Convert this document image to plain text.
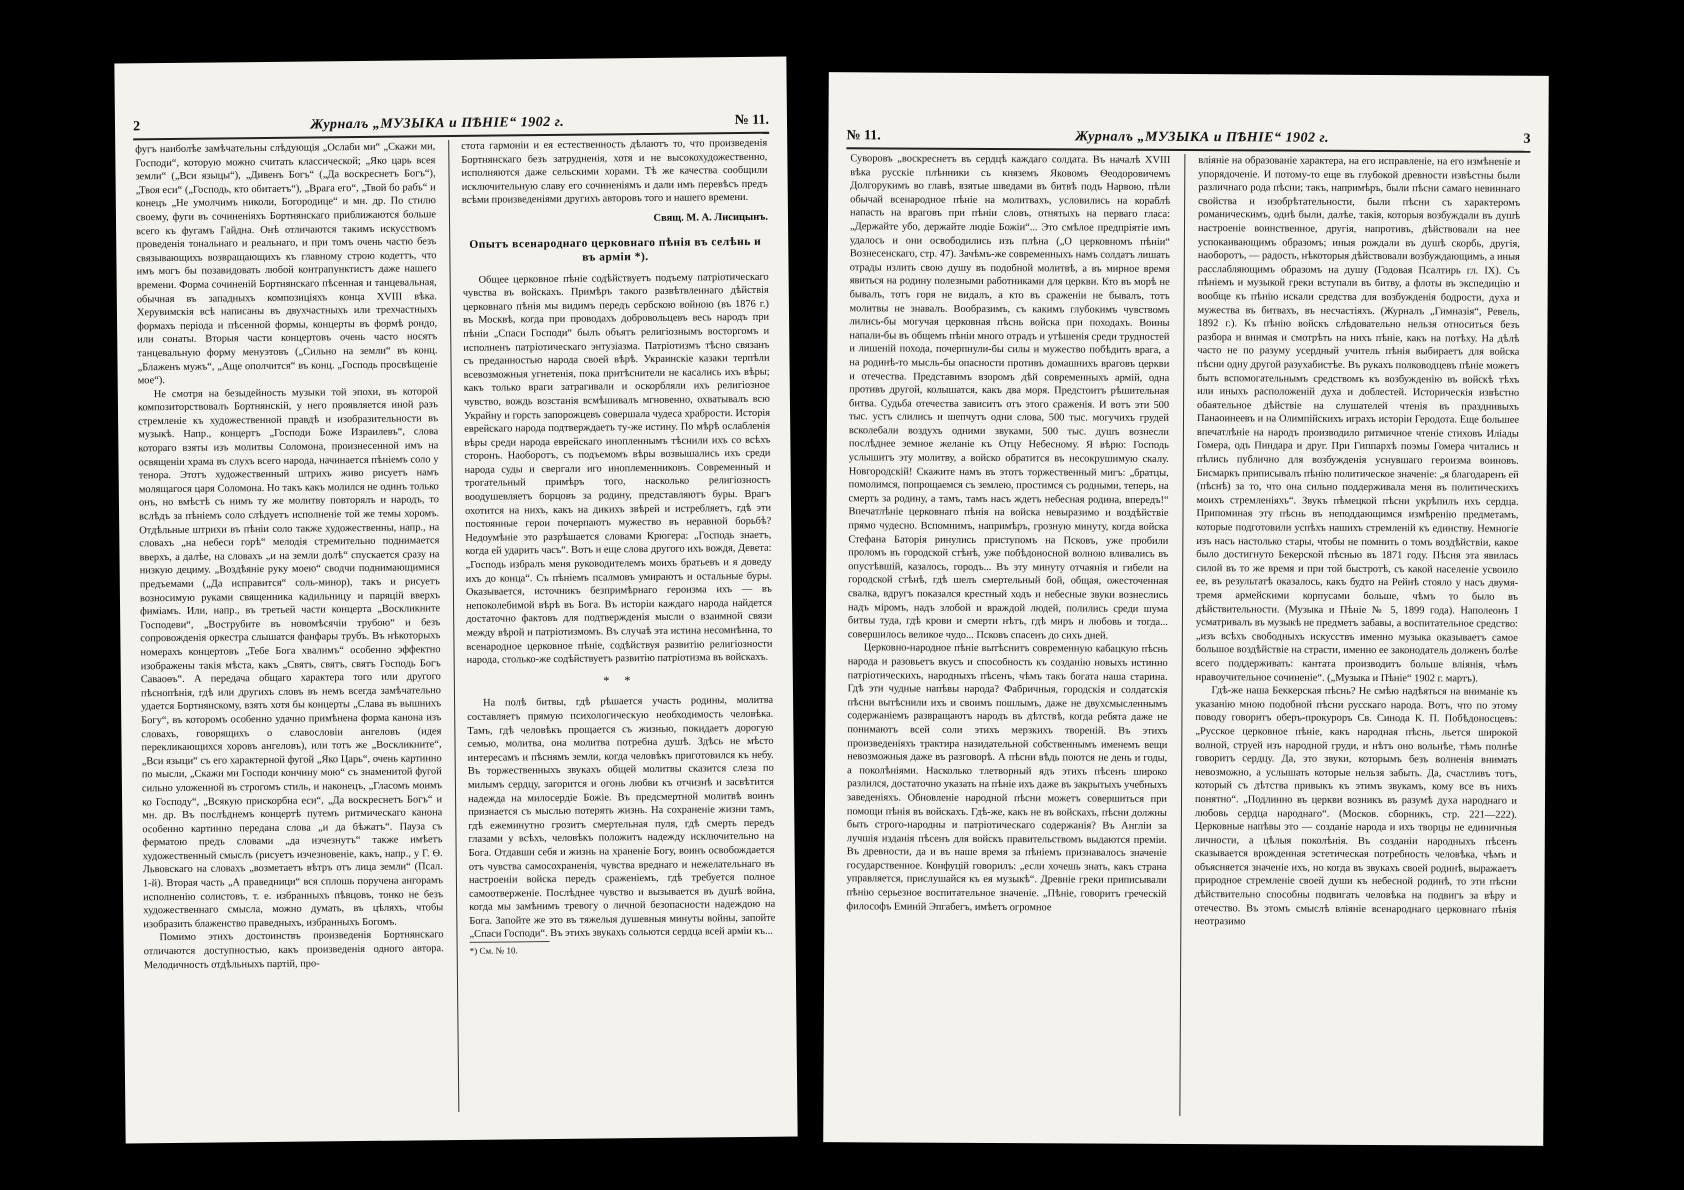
2	Журналъ „МУЗЫКА и ПѢНІЕ“ 1902 г.	№ 11.

фугъ наиболѣе замѣчательны слѣдующія „Ослаби ми“ „Скажи ми, Господи“, которую можно считать классической; „Яко царь всея земли“ („Вси языцы“), „Дивенъ Богъ“ („Да воскреснетъ Богъ“), „Твоя еси“ („Господь, кто обитаетъ“), „Врага его“, „Твой бо рабъ“ и конецъ „Не умолчимъ николи, Богородице“ и мн. др. По стилю своему, фуги въ сочиненіяхъ Бортнянскаго приближаются больше всего къ фугамъ Гайдна. Онѣ отличаются такимъ искусствомъ проведенія тональнаго и реальнаго, и при томъ очень частю безъ связывающихъ возвращающихъ къ главному строю кодеттъ, что имъ могъ бы позавидовать любой контрапунктистъ даже нашего времени. Форма сочиненій Бортнянскаго пѣсенная и танцевальная, обычная въ западныхъ композиціяхъ конца XVIII вѣка. Херувимскія всѣ написаны въ двухчастныхъ или трехчастныхъ формахъ періода и пѣсенной формы, концерты въ формѣ рондо, или сонаты. Вторыя части концертовъ очень часто носятъ танцевальную форму менуэтовъ („Сильно на земли“ въ конц. „Блаженъ мужъ“, „Аще ополчится“ въ конц. „Господь просвѣщеніе мое“).

Не смотря на безыдейность музыки той эпохи, въ которой композиторствовалъ Бортнянскій, у него проявляется иной разъ стремленіе къ художественной правдѣ и изобразительности въ музыкѣ. Напр., концертъ „Господи Боже Израилевъ“, слова котораго взяты изъ молитвы Соломона, произнесенной имъ на освященіи храма въ слухъ всего народа, начинается пѣніемъ соло у тенора. Этотъ художественный штрихъ живо рисуетъ намъ молящагося царя Соломона. Но такъ какъ молился не одинъ только онъ, но вмѣстѣ съ нимъ ту же молитву повторялъ и народъ, то вслѣдъ за пѣніемъ соло слѣдуетъ исполненіе той же темы хоромъ. Отдѣльные штрихи въ пѣніи соло также художественны, напр., на словахъ „на небеси горѣ“ мелодія стремительно поднимается вверхъ, а далѣе, на словахъ „и на земли долѣ“ спускается сразу на низкую дециму. „Воздѣяніе руку моею“ сводчи поднимающимися предъемами („Да исправится“ соль-минор), такъ и рисуетъ возносимую руками священника кадильницу и паряцій вверхъ фиміамъ. Или, напр., въ третьей части концерта „Воскликните Господеви“, „Вострубите въ новомѣсячіи трубою“ и безъ сопровожденія оркестра слышатся фанфары трубъ. Въ нѣкоторыхъ номерахъ концертовъ „Тебе Бога хвалимъ“ особенно эффектно изображены такія мѣста, какъ „Святъ, святъ, святъ Господь Богъ Саваоѳъ“. А передача общаго характера того или другого пѣснопѣнія, гдѣ или другихъ словъ въ немъ всегда замѣчательно удается Бортнянскому, взять хотя бы концерты „Слава въ вышнихъ Богу“, въ которомъ особенно удачно примѣнена форма канона изъ словахъ, говорящихъ о славословіи ангеловъ (идея перекликающихся хоровъ ангеловъ), или тотъ же „Воскликните“, „Вси языци“ съ его характерной фугой „Яко Царь“, очень картинно по мысли, „Скажи ми Господи кончину мою“ съ знаменитой фугой сильно уложенной въ строгомъ стиль, и наконецъ, „Гласомъ моимъ ко Господу“, „Всякую прискорбна еси“, „Да воскреснетъ Богъ“ и мн. др. Въ послѣднемъ концертѣ путемъ ритмическаго канона особенно картинно передана слова „и да бѣжатъ“. Пауза съ ферматою предъ словами „да изчезнутъ“ также имѣетъ художественный смыслъ (рисуетъ изчезновеніе, какъ, напр., у Г. Ѳ. Львовскаго на словахъ „возметаетъ вѣтръ отъ лица земли“ (Псал. 1-й). Вторая часть „А праведници“ вся сплошь поручена ангорамъ исполненію солистовъ, т. е. избранныхъ пѣвцовъ, тонко не безъ художественнаго смысла, можно думать, въ цѣляхъ, чтобы изобразить блаженство праведныхъ, избранныхъ Богомъ.

Помимо этихъ достоинствъ произведенія Бортнянскаго отличаются доступностью, какъ произведенія одного автора. Мелодичность отдѣльныхъ партій, про-

стота гармоніи и ея естественность дѣлаютъ то, что произведенія Бортнянскаго безъ затрудненія, хотя и не высокохудожественно, исполняются даже сельскими хорами. Тѣ же качества сообщили исключительную славу его сочиненіямъ и дали имъ перевѣсъ предъ всѣми произведеніями другихъ авторовъ того и нашего времени.

Свящ. М. А. Лисицынъ.
Опытъ всенароднаго церковнаго пѣнія въ селѣнь и въ арміи *).

Общее церковное пѣніе содѣйствуетъ подъему патріотическаго чувства въ войскахъ. Примѣръ такого развѣтвленнаго дѣйствія церковнаго пѣнія мы видимъ передъ сербскою войною (въ 1876 г.) въ Москвѣ, когда при проводахъ добровольцевъ весь народъ при пѣніи „Спаси Господи“ былъ объятъ религіознымъ восторгомъ и исполненъ патріотическаго энтузіазма. Патріотизмъ тѣсно связанъ съ преданностью народа своей вѣрѣ. Украинскіе казаки терпѣли всевозможныя угнетенія, пока притѣснители не касались ихъ вѣры; какъ только враги затрагивали и оскорбляли ихъ религіозное чувство, вождь возстанія всмѣшивалъ мгновенно, охватывалъ всю Украйну и горсть запорожцевъ совершала чудеса храбрости. Исторія еврейскаго народа подтверждаетъ ту-же истину. По мѣрѣ ослабленія вѣры среди народа еврейскаго инопленнымъ тѣснили ихъ со всѣхъ сторонъ. Наоборотъ, съ подъемомъ вѣры возвышались ихъ среди народа суды и свергали иго иноплеменниковъ. Современный и трогательный примѣръ того, насколько религіозность воодушевляетъ борцовъ за родину, представляютъ буры. Врагъ охотится на нихъ, какъ на дикихъ звѣрей и истребляетъ, гдѣ эти постоянные герои почерпаютъ мужество въ неравной борьбѣ? Недоумѣніе это разрѣшается словами Крюгера: „Господь знаетъ, когда ей ударить часъ“. Вотъ и еще слова другого ихъ вождя, Девета: „Господь избралъ меня руководителемъ моихъ братьевъ и я доведу ихъ до конца“. Съ пѣніемъ псалмовъ умираютъ и остальные буры. Оказывается, источникъ безпримѣрнаго героизма ихъ — въ непоколебимой вѣрѣ въ Бога. Въ исторіи каждаго народа найдется достаточно фактовъ для подтвержденія мысли о взаимной связи между вѣрой и патріотизмомъ. Въ случаѣ эта истина несомнѣнна, то всенародное церковное пѣніе, содѣйствуя развитію религіозности народа, столько-же содѣйствуетъ развитію патріотизма въ войскахъ.

* *

На полѣ битвы, гдѣ рѣшается участь родины, молитва составляетъ прямую психологическую необходимость человѣка. Тамъ, гдѣ человѣкъ прощается съ жизнью, покидаетъ дорогую семью, молитва, она молитва потребна душѣ. Здѣсь не мѣсто интересамъ и пѣснямъ земли, когда человѣкъ приготовился къ небу. Въ торжественныхъ звукахъ общей молитвы сказится слеза по милымъ сердцу, загорится и огонь любви къ отчизнѣ и засвѣтится надежда на милосердіе Божіе. Въ предсмертной молитвѣ воинъ признается съ мыслью потерять жизнь. На сохраненіе жизни тамъ, гдѣ ежеминутно грозитъ смертельная пуля, гдѣ смерть передъ глазами у всѣхъ, человѣкъ положитъ надежду исключительно на Бога. Отдавши себя и жизнь на храненіе Богу, воинъ освобождается отъ чувства самосохраненія, чувства вреднаго и нежелательнаго въ настроеніи войска передъ сраженіемъ, гдѣ требуется полное самоотверженіе. Послѣднее чувство и вызывается въ душѣ война, когда мы замѣнимъ тревогу о личной безопасности надеждою на Бога. Запойте же это въ тяжелыя душевныя минуты войны, запойте „Спаси Господи“. Въ этихъ звукахъ сольются сердца всей арміи къ...

*) См. № 10.

№ 11.	Журналъ „МУЗЫКА и ПѢНІЕ“ 1902 г.	3

Суворовъ „воскреснетъ въ сердцѣ каждаго солдата. Въ началѣ XVIII вѣка русскіе плѣнники съ княземъ Яковомъ Ѳеодоровичемъ Долгорукимъ во главѣ, взятые шведами въ битвѣ подъ Нарвою, пѣли обычай всенародное пѣніе на молитвахъ, условились на кораблѣ напасть на враговъ при пѣніи словъ, отнятыхъ на перваго гласа: „Держайте убо, держайте людіе Божіи“... Это смѣлое предпріятіе имъ удалось и они освободились изъ плѣна („О церковномъ пѣніи“ Вознесенскаго, стр. 47). Зачѣмъ-же современныхъ намъ солдатъ лишать отрады излить свою душу въ подобной молитвѣ, а въ мирное время явиться на родину полезными работниками для церкви. Кто въ морѣ не бывалъ, тотъ горя не видалъ, а кто въ сраженіи не бывалъ, тотъ молитвы не знавалъ. Вообразимъ, съ какимъ глубокимъ чувствомъ лились-бы могучая церковная пѣснь войска при походахъ. Воины напали-бы въ общемъ пѣніи много отрадъ и утѣшенія среди трудностей и лишеній похода, почерпнули-бы силы и мужество побѣдить врага, а на родинѣ-то мысль-бы опасности противъ домашнихъ враговъ церкви и отечества. Представимъ взоромъ дѣй современныхъ армій, одна противъ другой, колышатся, какъ два моря. Предстоитъ рѣшительная битва. Судьба отечества зависитъ отъ этого сраженія. И вотъ эти 500 тыс. устъ слились и шепчутъ одни слова, 500 тыс. могучихъ грудей всколебали воздухъ одними звуками, 500 тыс. душъ вознесли послѣднее земное желаніе къ Отцу Небесному. Я вѣрю: Господь услышитъ эту молитву, а войско обратится въ несокрушимую скалу. Новгородскій! Скажите намъ въ этотъ торжественный мигъ: „братцы, помолимся, попрощаемся съ землею, простимся съ родными, теперь, на смерть за родину, а тамъ, тамъ насъ ждетъ небесная родина, впередъ!“ Впечатлѣніе церковнаго пѣнія на войска невыразимо и воздѣйствіе прямо чудесно. Вспомнимъ, напримѣръ, грозную минуту, когда войска Стефана Баторія ринулись приступомъ на Псковъ, уже пробили проломъ въ городской стѣнѣ, уже побѣдоносной волною вливались въ опустѣвшій, казалось, городъ... Въ эту минуту отчаянія и гибели на городской стѣнѣ, гдѣ шелъ смертельный бой, общая, ожесточенная свалка, вдругъ показался крестный ходъ и небесные звуки вознеслись надъ міромъ, надъ злобой и враждой людей, полились среди шума битвы туда, гдѣ крови и смерти нѣтъ, гдѣ миръ и любовь и тогда... совершилось великое чудо... Псковъ спасенъ до сихъ дней.

Церковно-народное пѣніе вытѣснитъ современную кабацкую пѣснь народа и разовьетъ вкусъ и способность къ созданію новыхъ истинно патріотическихъ, народныхъ пѣсенъ, чѣмъ такъ богата наша старина. Гдѣ эти чудные напѣвы народа? Фабричныя, городскія и солдатскія пѣсни вытѣснили ихъ и своимъ пошлымъ, даже не двухсмысленнымъ содержаніемъ развращаютъ народъ въ дѣтствѣ, когда ребята даже не понимаютъ всей соли этихъ мерзкихъ твореній. Въ этихъ произведеніяхъ трактира назидательной собственнымъ именемъ вещи невозможныя даже въ разговорѣ. А пѣсни вѣдь поются не день и годы, а поколѣніями. Насколько тлетворный ядъ этихъ пѣсенъ широко разлился, достаточно указать на пѣніе ихъ даже въ закрытыхъ учебныхъ заведеніяхъ. Обновленіе народной пѣсни можетъ совершиться при помощи пѣнія въ войскахъ. Гдѣ-же, какъ не въ войскахъ, пѣсни должны быть строго-народны и патріотическаго содержанія? Въ Англіи за лучшія изданія пѣсенъ для войскъ правительствомъ выдаются преміи. Въ древности, да и въ наше время за пѣніемъ признавалось значеніе государственное. Конфуцій говорилъ: „если хочешь знать, какъ страна управляется, прислушайся къ ея музыкѣ“. Древніе греки приписывали пѣнію серьезное воспитательное значеніе. „Пѣніе, говоритъ греческій философъ Еминій Эпгабегъ, имѣетъ огромное

вліяніе на образованіе характера, на его исправленіе, на его измѣненіе и упорядоченіе. И потому-то еще въ глубокой древности извѣстны были различнаго рода пѣсни; такъ, напримѣръ, были пѣсни самаго невиннаго свойства и изобрѣтательности, были пѣсни съ характеромъ романическимъ, однѣ были, далѣе, такія, которыя возбуждали въ душѣ настроеніе воинственное, другія, напротивъ, дѣйствовали на нее успокаивающимъ образомъ; иныя рождали въ душѣ скорбь, другія, наоборотъ, — радость, нѣкоторыя дѣйствовали возбуждающимъ, а иныя расслабляющимъ образомъ на душу (Годовая Псалтирь гл. IX). Съ пѣніемъ и музыкой греки вступали въ битву, а флоты въ экспедицію и вообще къ пѣнію искали средства для возбужденія бодрости, духа и мужества въ битвахъ, въ несчастіяхъ. (Журналъ „Гимназія“, Ревель, 1892 г.). Къ пѣнію войскъ слѣдовательно нельзя относиться безъ разбора и внимая и смотрѣть на нихъ пѣніе, какъ на потѣху. На дѣлѣ часто не по разуму усердный учитель пѣнія выбираетъ для войска пѣсни одну другой разухабистѣе. Въ рукахъ полководцевъ пѣніе можетъ быть вспомогательнымъ средствомъ къ возбужденію въ войскѣ тѣхъ или иныхъ расположеній духа и доблестей. Историческія извѣстно обаятельное дѣйствіе на слушателей чтенія въ празднивыхъ Панаоинеевъ и на Олимпійскихъ играхъ исторіи Геродота. Еще большее впечатлѣніе на народъ производило ритмичное чтеніе стиховъ Иліады Гомера, одъ Пиндара и друг. При Гиппархѣ поэмы Гомера читались и пѣлись публично для возбужденія уснувшаго героизма воиновъ. Бисмаркъ приписывалъ пѣнію политическое значеніе: „я благодаренъ ей (пѣснѣ) за то, что она сильно поддерживала меня въ политическихъ моихъ стремленіяхъ“. Звукъ пѣмецкой пѣсни укрѣпилъ ихъ сердца. Припоминая эту пѣснь въ неподдающимся измѣренію предметамъ, которые подготовили успѣхъ нашихъ стремленій къ единству. Немногіе изъ насъ настолько стары, чтобы не помнить о томъ воздѣйствіи, какое было достигнуто Бекерской пѣснью въ 1871 году. Пѣсня эта явилась силой въ то же время и при той быстротѣ, съ какой населеніе усвоило ее, въ результатѣ оказалось, какъ будто на Рейнѣ стояло у насъ двумя-тремя армейскими корпусами больше, чѣмъ то было въ дѣйствительности. (Музыка и Пѣніе № 5, 1899 года). Наполеонъ I усматривалъ въ музыкѣ не предметъ забавы, а воспитательное средство: „изъ всѣхъ свободныхъ искусствъ именно музыка оказываетъ самое большое воздѣйствіе на страсти, именно ее законодатель долженъ болѣе всего поддерживать: кантата производитъ больше вліянія, чѣмъ нравоучительное сочиненіе“. („Музыка и Пѣніе“ 1902 г. мартъ).

Гдѣ-же наша Беккерская пѣснь? Не смѣю надѣяться на вниманіе къ указанію мною подобной пѣсни русскаго народа. Вотъ, что по этому поводу говоритъ оберъ-прокуроръ Св. Синода К. П. Побѣдоносцевъ: „Русское церковное пѣніе, какъ народная пѣснь, льется широкой волной, струей изъ народной груди, и нѣтъ оно вольнѣе, тѣмъ полнѣе говоритъ сердцу. Да, это звуки, которымъ безъ волненія внимать невозможно, а услышать которые нельзя забыть. Да, счастливъ тотъ, который съ дѣтства привыкъ къ этимъ звукамъ, кому все въ нихъ понятно“. „Подлинно въ церкви возникъ въ разумѣ духа народнаго и любовь сердца народнаго“. (Москов. сборникъ, стр. 221—222). Церковные напѣвы это — созданіе народа и ихъ творцы не единичныя личности, а цѣлыя поколѣнія. Въ созданіи народныхъ пѣсенъ сказывается врожденная эстетическая потребность человѣка, чѣмъ и объясняется значеніе ихъ, но когда въ звукахъ своей родинѣ, выражаетъ природное стремленіе своей души къ небесной родинѣ, то эти пѣсни дѣйствительно способны подвигать человѣка на подвигъ за вѣру и отечество. Въ этомъ смыслѣ вліяніе всенароднаго церковнаго пѣнія неотразимо
